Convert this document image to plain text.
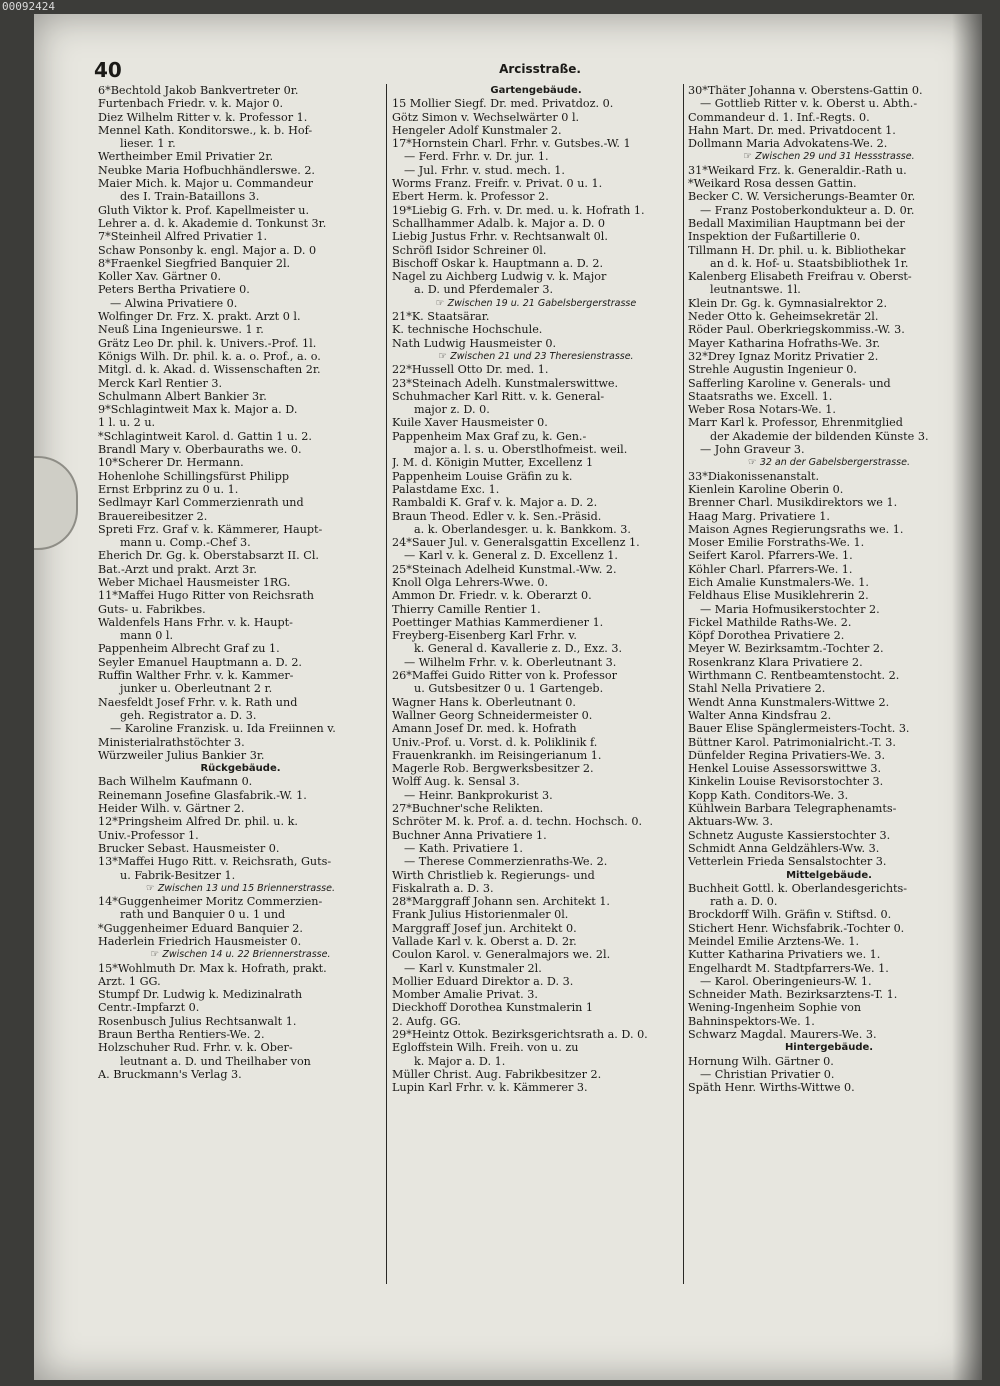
00092424
40	Arcisstraße.
6*Bechtold Jakob Bankvertreter 0r.
Furtenbach Friedr. v. k. Major 0.
Diez Wilhelm Ritter v. k. Professor 1.
Mennel Kath. Konditorswe., k. b. Hof-
lieser. 1 r.
Wertheimber Emil Privatier 2r.
Neubke Maria Hofbuchhändlerswe. 2.
Maier Mich. k. Major u. Commandeur
des I. Train-Bataillons 3.
Gluth Viktor k. Prof. Kapellmeister u.
Lehrer a. d. k. Akademie d. Tonkunst 3r.
7*Steinheil Alfred Privatier 1.
Schaw Ponsonby k. engl. Major a. D. 0
8*Fraenkel Siegfried Banquier 2l.
Koller Xav. Gärtner 0.
Peters Bertha Privatiere 0.
— Alwina Privatiere 0.
Wolfinger Dr. Frz. X. prakt. Arzt 0 l.
Neuß Lina Ingenieurswe. 1 r.
Grätz Leo Dr. phil. k. Univers.-Prof. 1l.
Königs Wilh. Dr. phil. k. a. o. Prof., a. o.
Mitgl. d. k. Akad. d. Wissenschaften 2r.
Merck Karl Rentier 3.
Schulmann Albert Bankier 3r.
9*Schlagintweit Max k. Major a. D.
1 l. u. 2 u.
*Schlagintweit Karol. d. Gattin 1 u. 2.
Brandl Mary v. Oberbauraths we. 0.
10*Scherer Dr. Hermann.
Hohenlohe Schillingsfürst Philipp
Ernst Erbprinz zu 0 u. 1.
Sedlmayr Karl Commerzienrath und
Brauereibesitzer 2.
Spreti Frz. Graf v. k. Kämmerer, Haupt-
mann u. Comp.-Chef 3.
Eherich Dr. Gg. k. Oberstabsarzt II. Cl.
Bat.-Arzt und prakt. Arzt 3r.
Weber Michael Hausmeister 1RG.
11*Maffei Hugo Ritter von Reichsrath
Guts- u. Fabrikbes.
Waldenfels Hans Frhr. v. k. Haupt-
mann 0 l.
Pappenheim Albrecht Graf zu 1.
Seyler Emanuel Hauptmann a. D. 2.
Ruffin Walther Frhr. v. k. Kammer-
junker u. Oberleutnant 2 r.
Naesfeldt Josef Frhr. v. k. Rath und
geh. Registrator a. D. 3.
— Karoline Franzisk. u. Ida Freiinnen v.
Ministerialrathstöchter 3.
Würzweiler Julius Bankier 3r.
Rückgebäude.
Bach Wilhelm Kaufmann 0.
Reinemann Josefine Glasfabrik.-W. 1.
Heider Wilh. v. Gärtner 2.
12*Pringsheim Alfred Dr. phil. u. k.
Univ.-Professor 1.
Brucker Sebast. Hausmeister 0.
13*Maffei Hugo Ritt. v. Reichsrath, Guts-
u. Fabrik-Besitzer 1.
☞ Zwischen 13 und 15 Briennerstrasse.
14*Guggenheimer Moritz Commerzien-
rath und Banquier 0 u. 1 und
*Guggenheimer Eduard Banquier 2.
Haderlein Friedrich Hausmeister 0.
☞ Zwischen 14 u. 22 Briennerstrasse.
15*Wohlmuth Dr. Max k. Hofrath, prakt.
Arzt. 1 GG.
Stumpf Dr. Ludwig k. Medizinalrath
Centr.-Impfarzt 0.
Rosenbusch Julius Rechtsanwalt 1.
Braun Bertha Rentiers-We. 2.
Holzschuher Rud. Frhr. v. k. Ober-
leutnant a. D. und Theilhaber von
A. Bruckmann's Verlag 3.
Gartengebäude.
15 Mollier Siegf. Dr. med. Privatdoz. 0.
Götz Simon v. Wechselwärter 0 l.
Hengeler Adolf Kunstmaler 2.
17*Hornstein Charl. Frhr. v. Gutsbes.-W. 1
— Ferd. Frhr. v. Dr. jur. 1.
— Jul. Frhr. v. stud. mech. 1.
Worms Franz. Freifr. v. Privat. 0 u. 1.
Ebert Herm. k. Professor 2.
19*Liebig G. Frh. v. Dr. med. u. k. Hofrath 1.
Schallhammer Adalb. k. Major a. D. 0
Liebig Justus Frhr. v. Rechtsanwalt 0l.
Schröfl Isidor Schreiner 0l.
Bischoff Oskar k. Hauptmann a. D. 2.
Nagel zu Aichberg Ludwig v. k. Major
a. D. und Pferdemaler 3.
☞ Zwischen 19 u. 21 Gabelsbergerstrasse
21*K. Staatsärar.
K. technische Hochschule.
Nath Ludwig Hausmeister 0.
☞ Zwischen 21 und 23 Theresienstrasse.
22*Hussell Otto Dr. med. 1.
23*Steinach Adelh. Kunstmalerswittwe.
Schuhmacher Karl Ritt. v. k. General-
major z. D. 0.
Kuile Xaver Hausmeister 0.
Pappenheim Max Graf zu, k. Gen.-
major a. l. s. u. Oberstlhofmeist. weil.
J. M. d. Königin Mutter, Excellenz 1
Pappenheim Louise Gräfin zu k.
Palastdame Exc. 1.
Rambaldi K. Graf v. k. Major a. D. 2.
Braun Theod. Edler v. k. Sen.-Präsid.
a. k. Oberlandesger. u. k. Bankkom. 3.
24*Sauer Jul. v. Generalsgattin Excellenz 1.
— Karl v. k. General z. D. Excellenz 1.
25*Steinach Adelheid Kunstmal.-Ww. 2.
Knoll Olga Lehrers-Wwe. 0.
Ammon Dr. Friedr. v. k. Oberarzt 0.
Thierry Camille Rentier 1.
Poettinger Mathias Kammerdiener 1.
Freyberg-Eisenberg Karl Frhr. v.
k. General d. Kavallerie z. D., Exz. 3.
— Wilhelm Frhr. v. k. Oberleutnant 3.
26*Maffei Guido Ritter von k. Professor
u. Gutsbesitzer 0 u. 1 Gartengeb.
Wagner Hans k. Oberleutnant 0.
Wallner Georg Schneidermeister 0.
Amann Josef Dr. med. k. Hofrath
Univ.-Prof. u. Vorst. d. k. Poliklinik f.
Frauenkrankh. im Reisingerianum 1.
Magerle Rob. Bergwerksbesitzer 2.
Wolff Aug. k. Sensal 3.
— Heinr. Bankprokurist 3.
27*Buchner'sche Relikten.
Schröter M. k. Prof. a. d. techn. Hochsch. 0.
Buchner Anna Privatiere 1.
— Kath. Privatiere 1.
— Therese Commerzienraths-We. 2.
Wirth Christlieb k. Regierungs- und
Fiskalrath a. D. 3.
28*Marggraff Johann sen. Architekt 1.
Frank Julius Historienmaler 0l.
Marggraff Josef jun. Architekt 0.
Vallade Karl v. k. Oberst a. D. 2r.
Coulon Karol. v. Generalmajors we. 2l.
— Karl v. Kunstmaler 2l.
Mollier Eduard Direktor a. D. 3.
Momber Amalie Privat. 3.
Dieckhoff Dorothea Kunstmalerin 1
2. Aufg. GG.
29*Heintz Ottok. Bezirksgerichtsrath a. D. 0.
Egloffstein Wilh. Freih. von u. zu
k. Major a. D. 1.
Müller Christ. Aug. Fabrikbesitzer 2.
Lupin Karl Frhr. v. k. Kämmerer 3.
30*Thäter Johanna v. Oberstens-Gattin 0.
— Gottlieb Ritter v. k. Oberst u. Abth.-
Commandeur d. 1. Inf.-Regts. 0.
Hahn Mart. Dr. med. Privatdocent 1.
Dollmann Maria Advokatens-We. 2.
☞ Zwischen 29 und 31 Hessstrasse.
31*Weikard Frz. k. Generaldir.-Rath u.
*Weikard Rosa dessen Gattin.
Becker C. W. Versicherungs-Beamter 0r.
— Franz Postoberkondukteur a. D. 0r.
Bedall Maximilian Hauptmann bei der
Inspektion der Fußartillerie 0.
Tillmann H. Dr. phil. u. k. Bibliothekar
an d. k. Hof- u. Staatsbibliothek 1r.
Kalenberg Elisabeth Freifrau v. Oberst-
leutnantswe. 1l.
Klein Dr. Gg. k. Gymnasialrektor 2.
Neder Otto k. Geheimsekretär 2l.
Röder Paul. Oberkriegskommiss.-W. 3.
Mayer Katharina Hofraths-We. 3r.
32*Drey Ignaz Moritz Privatier 2.
Strehle Augustin Ingenieur 0.
Safferling Karoline v. Generals- und
Staatsraths we. Excell. 1.
Weber Rosa Notars-We. 1.
Marr Karl k. Professor, Ehrenmitglied
der Akademie der bildenden Künste 3.
— John Graveur 3.
☞ 32 an der Gabelsbergerstrasse.
33*Diakonissenanstalt.
Kienlein Karoline Oberin 0.
Brenner Charl. Musikdirektors we 1.
Haag Marg. Privatiere 1.
Maison Agnes Regierungsraths we. 1.
Moser Emilie Forstraths-We. 1.
Seifert Karol. Pfarrers-We. 1.
Köhler Charl. Pfarrers-We. 1.
Eich Amalie Kunstmalers-We. 1.
Feldhaus Elise Musiklehrerin 2.
— Maria Hofmusikerstochter 2.
Fickel Mathilde Raths-We. 2.
Köpf Dorothea Privatiere 2.
Meyer W. Bezirksamtm.-Tochter 2.
Rosenkranz Klara Privatiere 2.
Wirthmann C. Rentbeamtenstocht. 2.
Stahl Nella Privatiere 2.
Wendt Anna Kunstmalers-Wittwe 2.
Walter Anna Kindsfrau 2.
Bauer Elise Spänglermeisters-Tocht. 3.
Büttner Karol. Patrimonialricht.-T. 3.
Dünfelder Regina Privatiers-We. 3.
Henkel Louise Assessorswittwe 3.
Kinkelin Louise Revisorstochter 3.
Kopp Kath. Conditors-We. 3.
Kühlwein Barbara Telegraphenamts-
Aktuars-Ww. 3.
Schnetz Auguste Kassierstochter 3.
Schmidt Anna Geldzählers-Ww. 3.
Vetterlein Frieda Sensalstochter 3.
Mittelgebäude.
Buchheit Gottl. k. Oberlandesgerichts-
rath a. D. 0.
Brockdorff Wilh. Gräfin v. Stiftsd. 0.
Stichert Henr. Wichsfabrik.-Tochter 0.
Meindel Emilie Arztens-We. 1.
Kutter Katharina Privatiers we. 1.
Engelhardt M. Stadtpfarrers-We. 1.
— Karol. Oberingenieurs-W. 1.
Schneider Math. Bezirksarztens-T. 1.
Wening-Ingenheim Sophie von
Bahninspektors-We. 1.
Schwarz Magdal. Maurers-We. 3.
Hintergebäude.
Hornung Wilh. Gärtner 0.
— Christian Privatier 0.
Späth Henr. Wirths-Wittwe 0.
